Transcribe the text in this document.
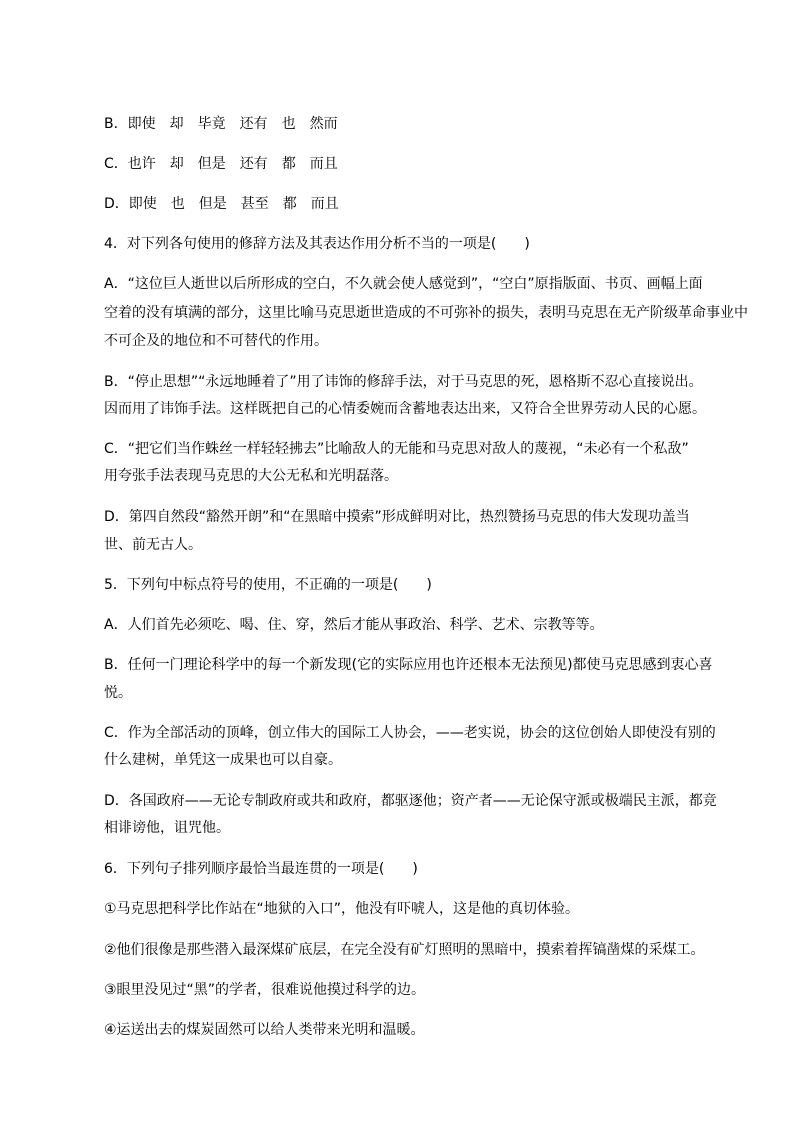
B．即使　却　毕竟　还有　也　然而
C．也许　却　但是　还有　都　而且
D．即使　也　但是　甚至　都　而且
4．对下列各句使用的修辞方法及其表达作用分析不当的一项是(　　)
A．“这位巨人逝世以后所形成的空白，不久就会使人感觉到”，“空白”原指版面、书页、画幅上面
空着的没有填满的部分，这里比喻马克思逝世造成的不可弥补的损失，表明马克思在无产阶级革命事业中
不可企及的地位和不可替代的作用。
B．“停止思想”“永远地睡着了”用了讳饰的修辞手法，对于马克思的死，恩格斯不忍心直接说出。
因而用了讳饰手法。这样既把自己的心情委婉而含蓄地表达出来，又符合全世界劳动人民的心愿。
C．“把它们当作蛛丝一样轻轻拂去”比喻敌人的无能和马克思对敌人的蔑视，“未必有一个私敌”
用夸张手法表现马克思的大公无私和光明磊落。
D．第四自然段“豁然开朗”和“在黑暗中摸索”形成鲜明对比，热烈赞扬马克思的伟大发现功盖当
世、前无古人。
5．下列句中标点符号的使用，不正确的一项是(　　)
A．人们首先必须吃、喝、住、穿，然后才能从事政治、科学、艺术、宗教等等。
B．任何一门理论科学中的每一个新发现(它的实际应用也许还根本无法预见)都使马克思感到衷心喜
悦。
C．作为全部活动的顶峰，创立伟大的国际工人协会，——老实说，协会的这位创始人即使没有别的
什么建树，单凭这一成果也可以自豪。
D．各国政府——无论专制政府或共和政府，都驱逐他；资产者——无论保守派或极端民主派，都竞
相诽谤他，诅咒他。
6．下列句子排列顺序最恰当最连贯的一项是(　　)
①马克思把科学比作站在“地狱的入口”，他没有吓唬人，这是他的真切体验。
②他们很像是那些潜入最深煤矿底层，在完全没有矿灯照明的黑暗中，摸索着挥镐凿煤的采煤工。
③眼里没见过“黑”的学者，很难说他摸过科学的边。
④运送出去的煤炭固然可以给人类带来光明和温暖。
